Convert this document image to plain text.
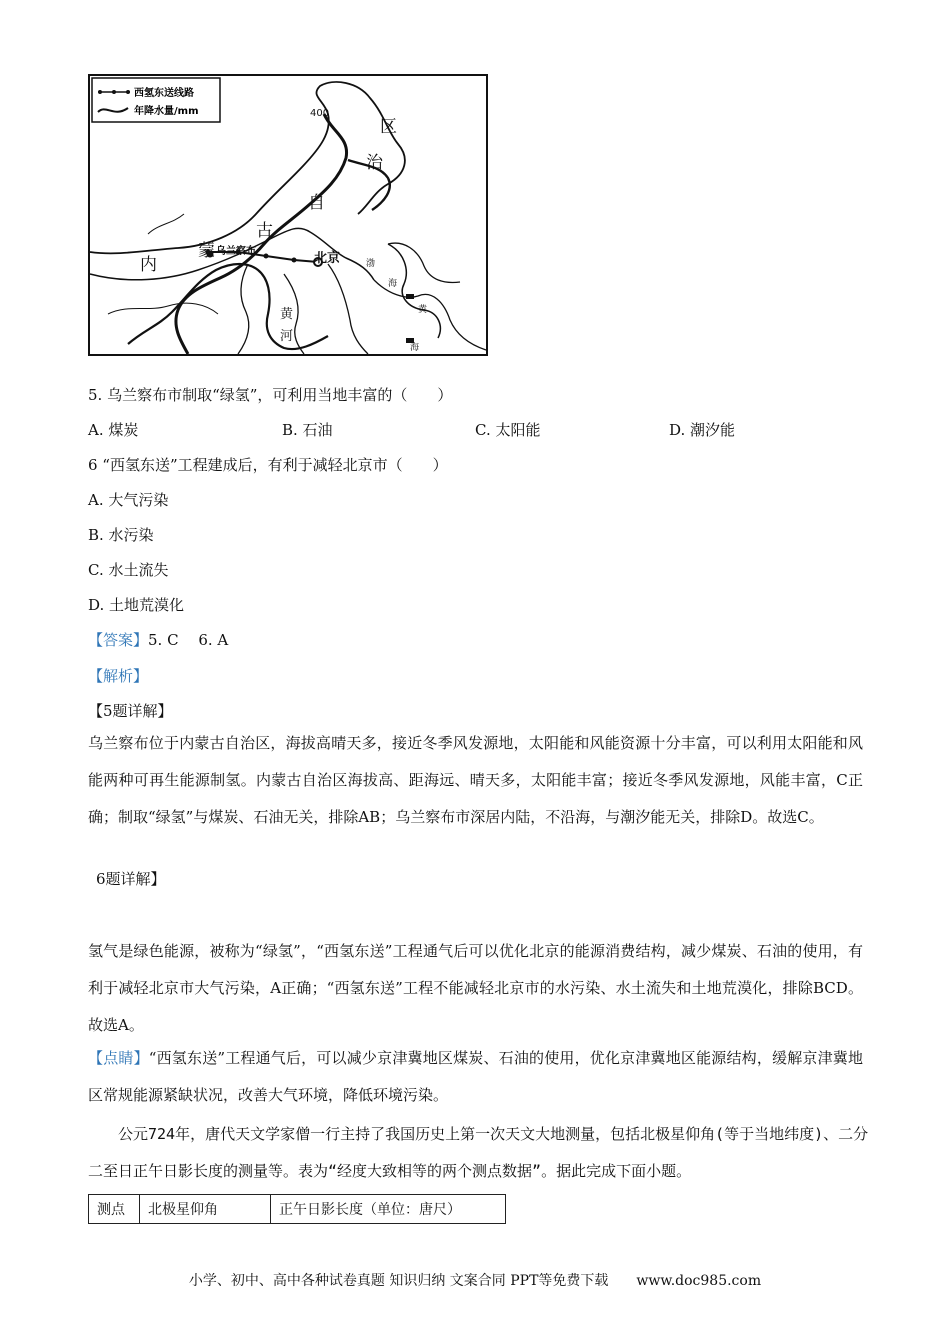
西氢东送线路
年降水量/mm	400
区
治
自
古
蒙
内
乌兰察布	北京
黄
河
渤
海
黄
海
5. 乌兰察布市制取“绿氢”，可利用当地丰富的（　　）
A. 煤炭	B. 石油	C. 太阳能	D. 潮汐能
6 “西氢东送”工程建成后，有利于减轻北京市（　　）
A. 大气污染
B. 水污染
C. 水土流失
D. 土地荒漠化
【答案】5. C　 6. A
【解析】
【5题详解】
乌兰察布位于内蒙古自治区，海拔高晴天多，接近冬季风发源地，太阳能和风能资源十分丰富，可以利用太阳能和风能两种可再生能源制氢。内蒙古自治区海拔高、距海远、晴天多，太阳能丰富；接近冬季风发源地，风能丰富，C正确；制取“绿氢”与煤炭、石油无关，排除AB；乌兰察布市深居内陆，不沿海，与潮汐能无关，排除D。故选C。
6题详解】
氢气是绿色能源，被称为“绿氢”，“西氢东送”工程通气后可以优化北京的能源消费结构，减少煤炭、石油的使用，有利于减轻北京市大气污染，A正确；“西氢东送”工程不能减轻北京市的水污染、水土流失和土地荒漠化，排除BCD。故选A。
【点睛】“西氢东送”工程通气后，可以减少京津冀地区煤炭、石油的使用，优化京津冀地区能源结构，缓解京津冀地区常规能源紧缺状况，改善大气环境，降低环境污染。
公元724年，唐代天文学家僧一行主持了我国历史上第一次天文大地测量，包括北极星仰角(等于当地纬度)、二分二至日正午日影长度的测量等。表为“经度大致相等的两个测点数据”。据此完成下面小题。
测点	北极星仰角	正午日影长度（单位：唐尺）
小学、初中、高中各种试卷真题 知识归纳 文案合同 PPT等免费下载　　www.doc985.com
